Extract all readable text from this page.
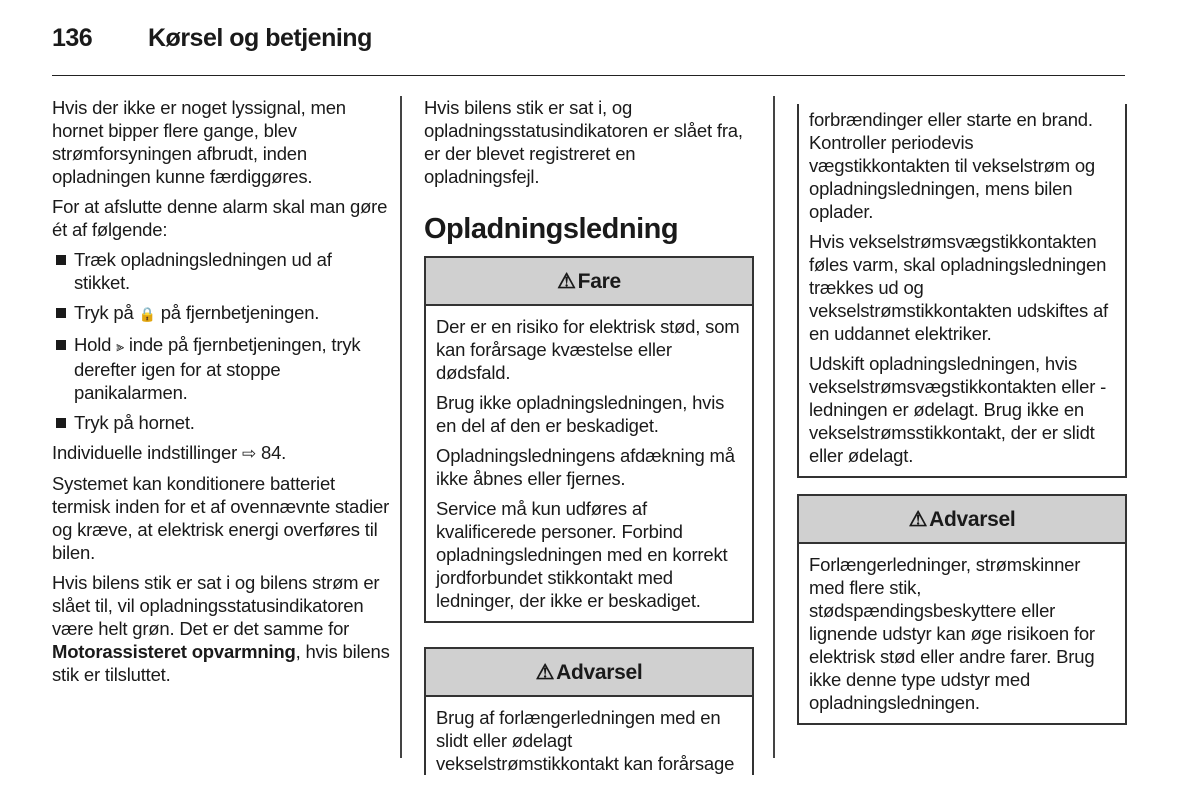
136 Kørsel og betjening

Hvis der ikke er noget lyssignal, men hornet bipper flere gange, blev strømforsyningen afbrudt, inden opladningen kunne færdiggøres.

For at afslutte denne alarm skal man gøre ét af følgende:

Træk opladningsledningen ud af stikket.
Tryk på 🔒 på fjernbetjeningen.
Hold ⫸ inde på fjernbetjeningen, tryk derefter igen for at stoppe panikalarmen.
Tryk på hornet.

Individuelle indstillinger ⇨ 84.

Systemet kan konditionere batteriet termisk inden for et af ovennævnte stadier og kræve, at elektrisk energi overføres til bilen.

Hvis bilens stik er sat i og bilens strøm er slået til, vil opladningsstatusindikatoren være helt grøn. Det er det samme for Motorassisteret opvarmning, hvis bilens stik er tilsluttet.

Hvis bilens stik er sat i, og opladningsstatusindikatoren er slået fra, er der blevet registreret en opladningsfejl.

Opladningsledning
⚠ Fare

Der er en risiko for elektrisk stød, som kan forårsage kvæstelse eller dødsfald.

Brug ikke opladningsledningen, hvis en del af den er beskadiget.

Opladningsledningens afdækning må ikke åbnes eller fjernes.

Service må kun udføres af kvalificerede personer. Forbind opladningsledningen med en korrekt jordforbundet stikkontakt med ledninger, der ikke er beskadiget.

⚠ Advarsel

Brug af forlængerledningen med en slidt eller ødelagt vekselstrømstikkontakt kan forårsage

forbrændinger eller starte en brand. Kontroller periodevis vægstikkontakten til vekselstrøm og opladningsledningen, mens bilen oplader.

Hvis vekselstrømsvægstikkontakten føles varm, skal opladningsledningen trækkes ud og vekselstrømstikkontakten udskiftes af en uddannet elektriker.

Udskift opladningsledningen, hvis vekselstrømsvægstikkontakten eller -ledningen er ødelagt. Brug ikke en vekselstrømsstikkontakt, der er slidt eller ødelagt.

⚠ Advarsel

Forlængerledninger, strømskinner med flere stik, stødspændingsbeskyttere eller lignende udstyr kan øge risikoen for elektrisk stød eller andre farer. Brug ikke denne type udstyr med opladningsledningen.
